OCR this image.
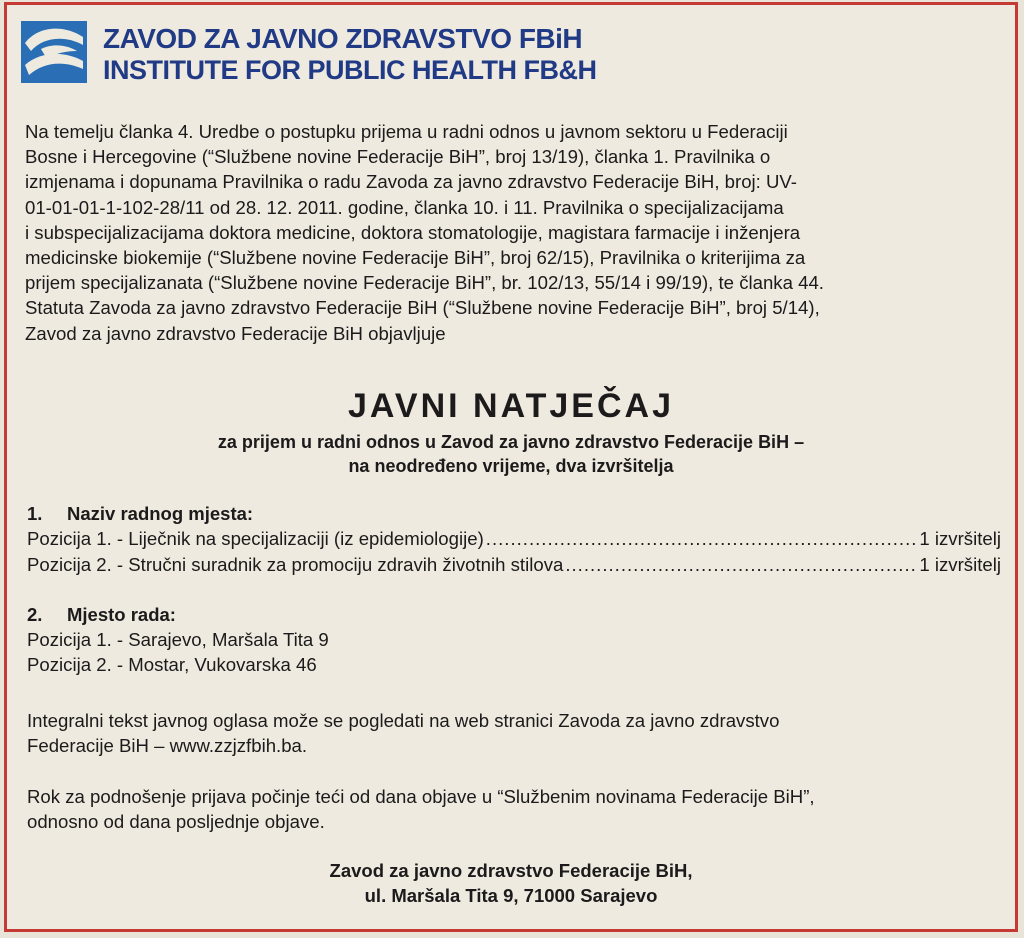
ZAVOD ZA JAVNO ZDRAVSTVO FBiH
INSTITUTE FOR PUBLIC HEALTH FB&H
Na temelju članka 4. Uredbe o postupku prijema u radni odnos u javnom sektoru u Federaciji
Bosne i Hercegovine (“Službene novine Federacije BiH”, broj 13/19), članka 1. Pravilnika o
izmjenama i dopunama Pravilnika o radu Zavoda za javno zdravstvo Federacije BiH, broj: UV-
01-01-01-1-102-28/11 od 28. 12. 2011. godine, članka 10. i 11. Pravilnika o specijalizacijama
i subspecijalizacijama doktora medicine, doktora stomatologije, magistara farmacije i inženjera
medicinske biokemije (“Službene novine Federacije BiH”, broj 62/15), Pravilnika o kriterijima za
prijem specijalizanata (“Službene novine Federacije BiH”, br. 102/13, 55/14 i 99/19), te članka 44.
Statuta Zavoda za javno zdravstvo Federacije BiH (“Službene novine Federacije BiH”, broj 5/14),
Zavod za javno zdravstvo Federacije BiH objavljuje
JAVNI NATJEČAJ
za prijem u radni odnos u Zavod za javno zdravstvo Federacije BiH –
na neodređeno vrijeme, dva izvršitelja
1. Naziv radnog mjesta:
Pozicija 1. - Liječnik na specijalizaciji (iz epidemiologije) .....	1 izvršitelj
Pozicija 2. - Stručni suradnik za promociju zdravih životnih stilova .....	1 izvršitelj
2. Mjesto rada:
Pozicija 1. - Sarajevo, Maršala Tita 9
Pozicija 2. - Mostar, Vukovarska 46
Integralni tekst javnog oglasa može se pogledati na web stranici Zavoda za javno zdravstvo
Federacije BiH – www.zzjzfbih.ba.
Rok za podnošenje prijava počinje teći od dana objave u “Službenim novinama Federacije BiH”,
odnosno od dana posljednje objave.
Zavod za javno zdravstvo Federacije BiH,
ul. Maršala Tita 9, 71000 Sarajevo
